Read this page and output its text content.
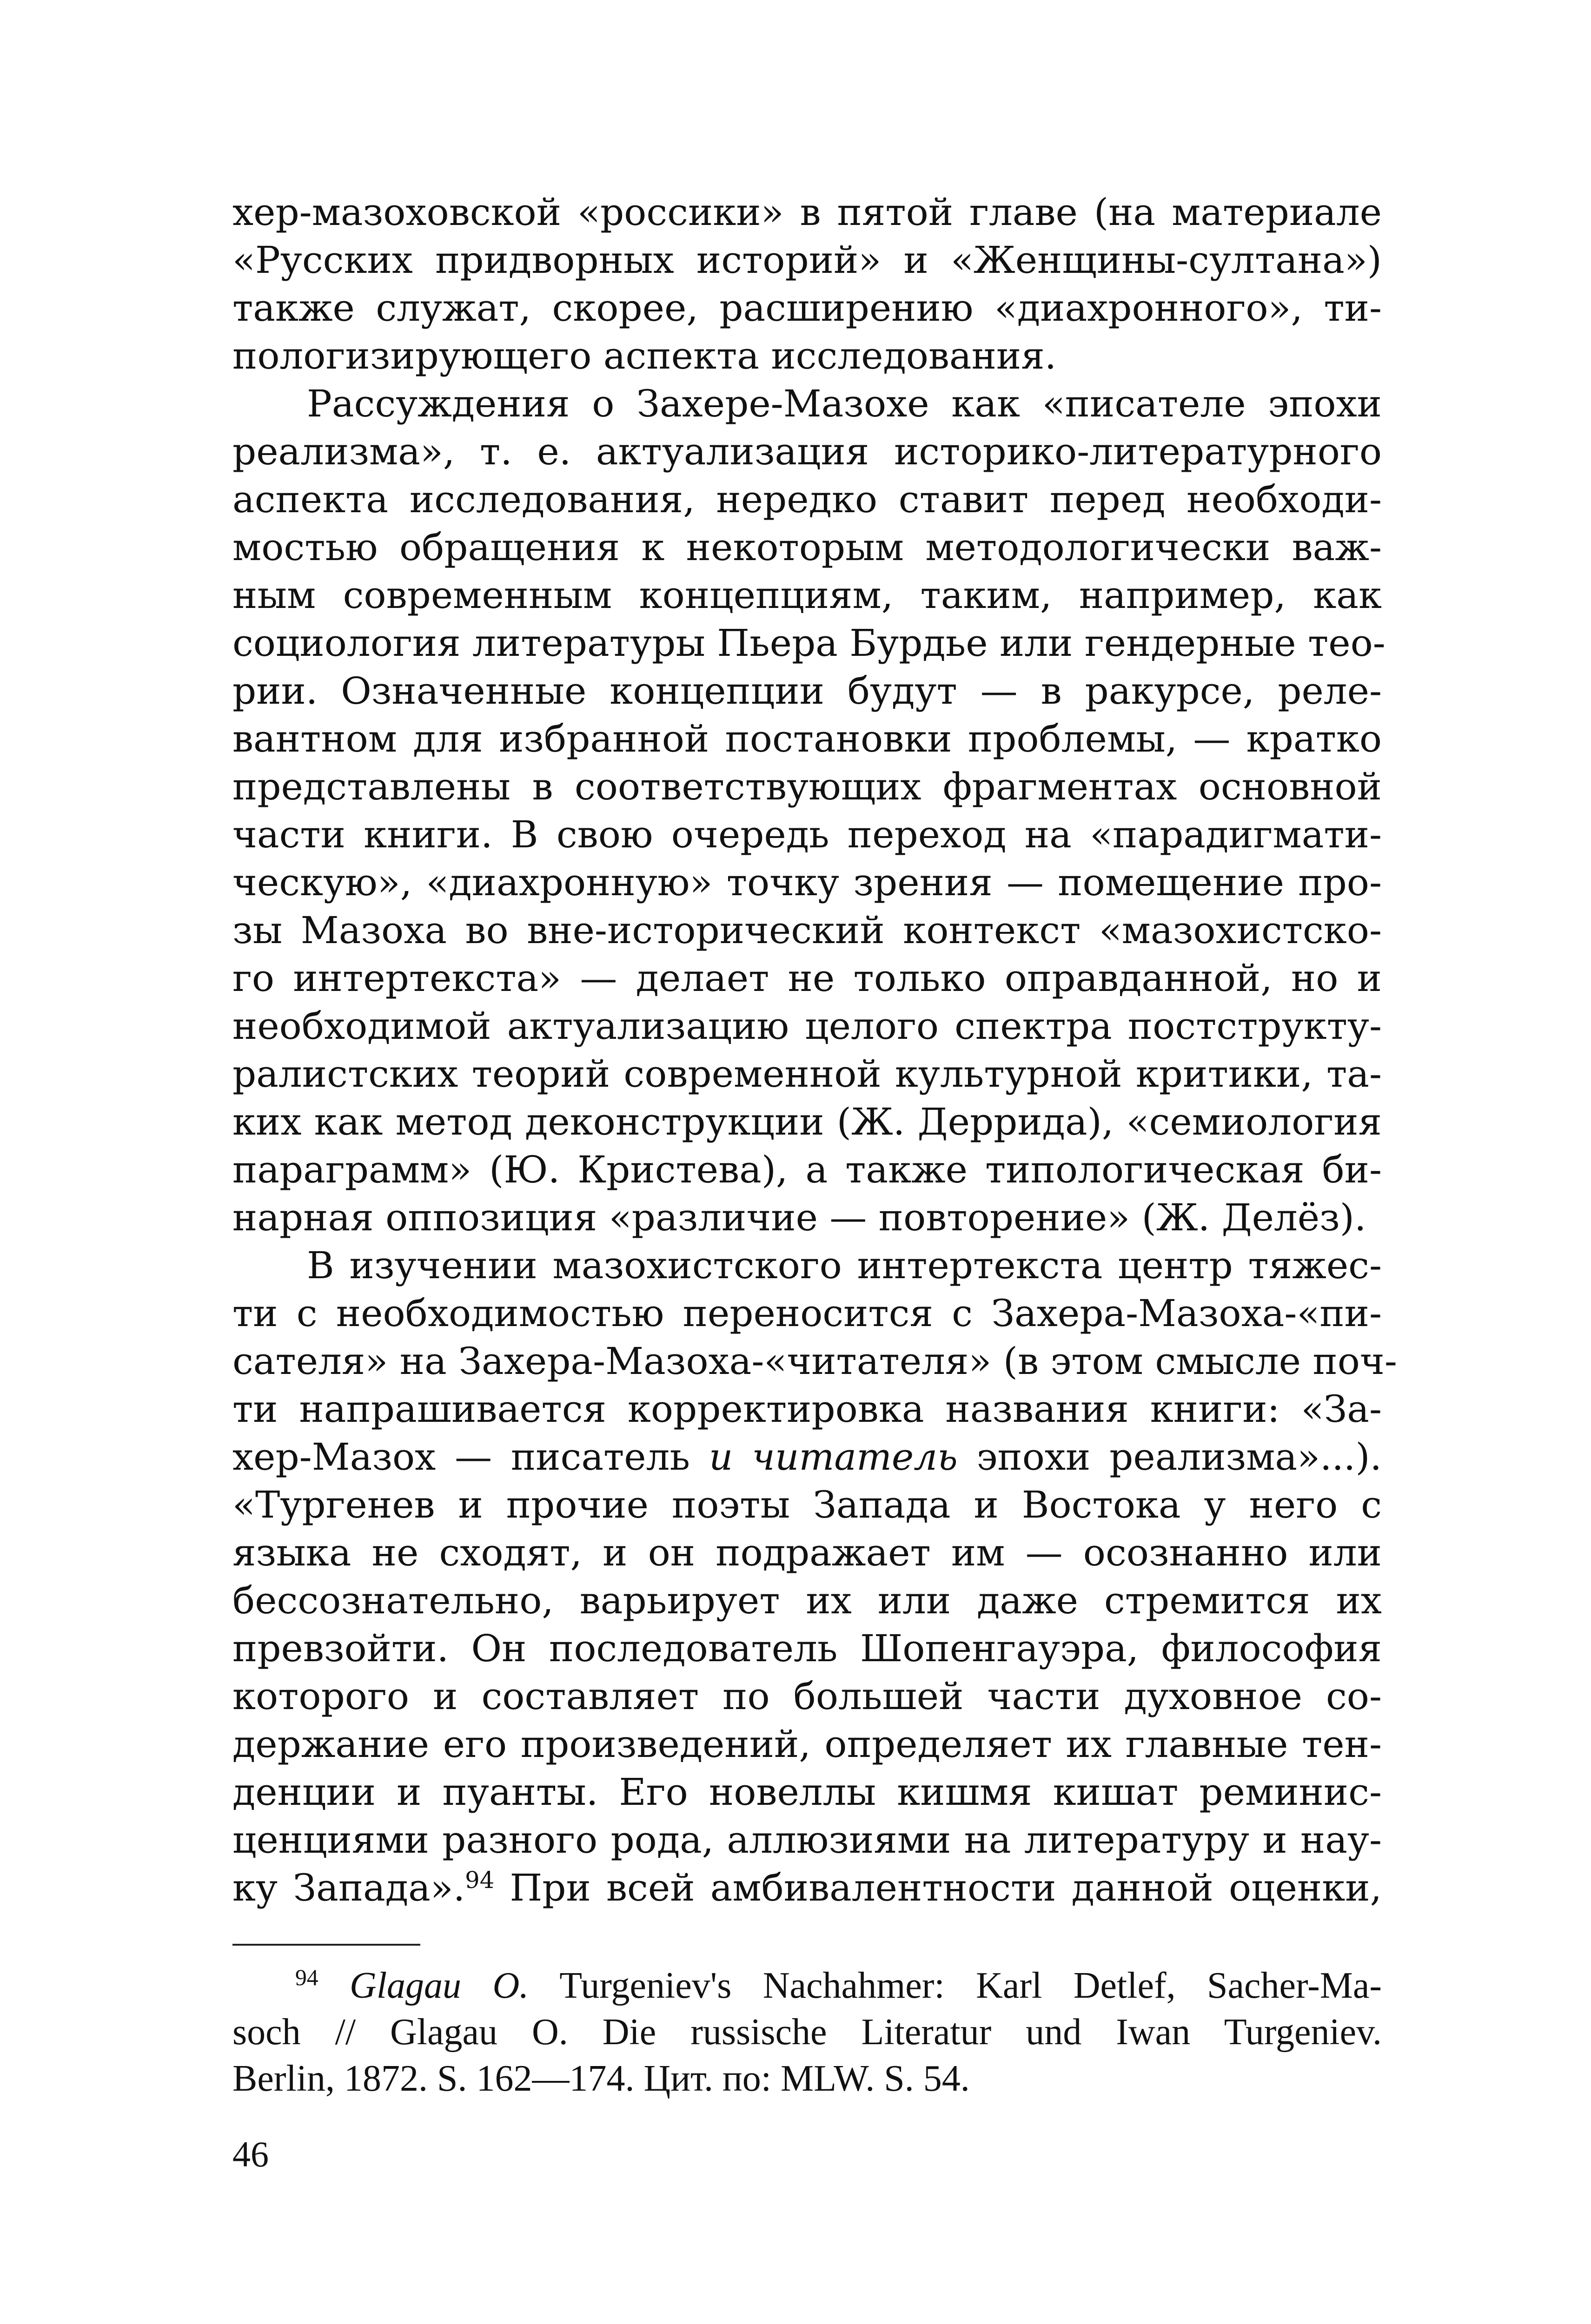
хер-мазоховской «россики» в пятой главе (на материале
«Русских придворных историй» и «Женщины-султана»)
также служат, скорее, расширению «диахронного», ти-
пологизирующего аспекта исследования.
Рассуждения о Захере-Мазохе как «писателе эпохи
реализма», т. е. актуализация историко-литературного
аспекта исследования, нередко ставит перед необходи-
мостью обращения к некоторым методологически важ-
ным современным концепциям, таким, например, как
социология литературы Пьера Бурдье или гендерные тео-
рии. Означенные концепции будут — в ракурсе, реле-
вантном для избранной постановки проблемы, — кратко
представлены в соответствующих фрагментах основной
части книги. В свою очередь переход на «парадигмати-
ческую», «диахронную» точку зрения — помещение про-
зы Мазоха во вне-исторический контекст «мазохистско-
го интертекста» — делает не только оправданной, но и
необходимой актуализацию целого спектра постструкту-
ралистских теорий современной культурной критики, та-
ких как метод деконструкции (Ж. Деррида), «семиология
параграмм» (Ю. Кристева), а также типологическая би-
нарная оппозиция «различие — повторение» (Ж. Делёз).
В изучении мазохистского интертекста центр тяжес-
ти с необходимостью переносится с Захера-Мазоха-«пи-
сателя» на Захера-Мазоха-«читателя» (в этом смысле поч-
ти напрашивается корректировка названия книги: «За-
хер-Мазох — писатель и читатель эпохи реализма»...).
«Тургенев и прочие поэты Запада и Востока у него с
языка не сходят, и он подражает им — осознанно или
бессознательно, варьирует их или даже стремится их
превзойти. Он последователь Шопенгауэра, философия
которого и составляет по большей части духовное со-
держание его произведений, определяет их главные тен-
денции и пуанты. Его новеллы кишмя кишат реминис-
ценциями разного рода, аллюзиями на литературу и нау-
ку Запада».$^{94}$ При всей амбивалентности данной оценки,
$^{94}$ Glagau O. Turgeniev's Nachahmer: Karl Detlef, Sacher-Ma-
soch // Glagau O. Die russische Literatur und Iwan Turgeniev.
Berlin, 1872. S. 162—174. Цит. по: MLW. S. 54.
46
